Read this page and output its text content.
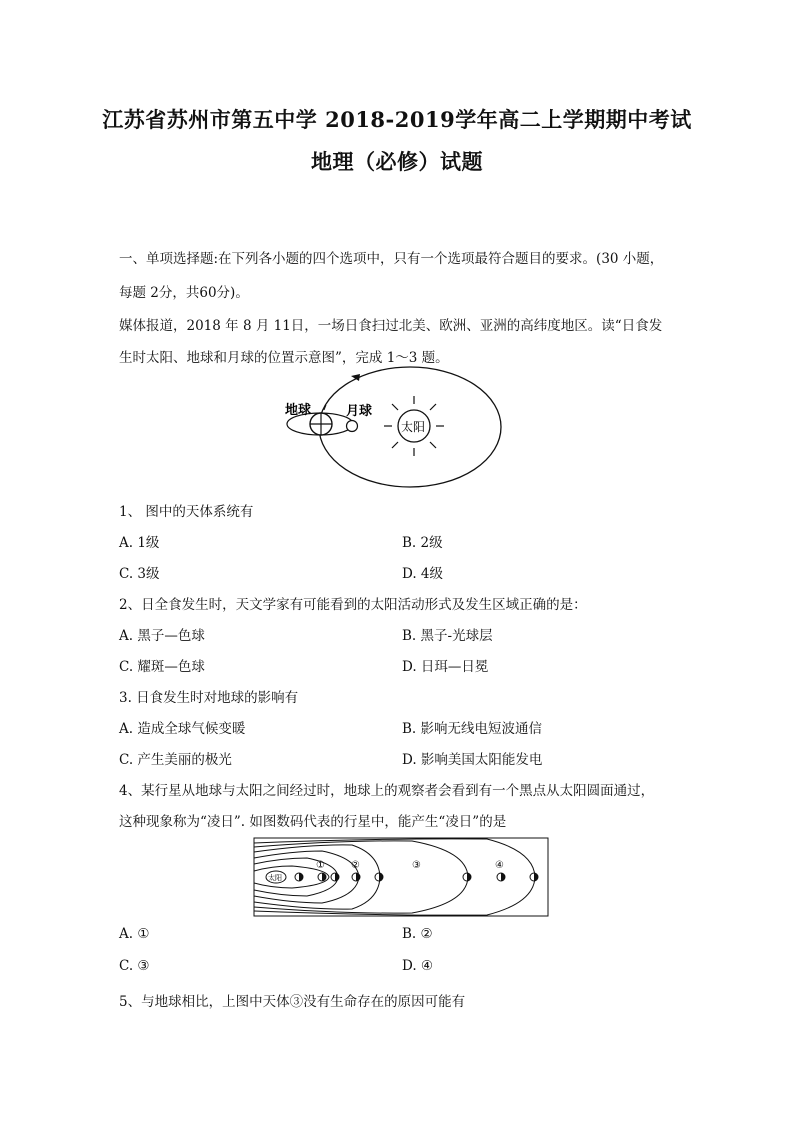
江苏省苏州市第五中学 2018-2019学年高二上学期期中考试
地理（必修）试题
一、单项选择题:在下列各小题的四个选项中，只有一个选项最符合题目的要求。(30 小题，
每题 2分，共60分)。
媒体报道，2018 年 8 月 11日，一场日食扫过北美、欧洲、亚洲的高纬度地区。读“日食发
生时太阳、地球和月球的位置示意图”，完成 1～3 题。
地球	月球
太阳
1、 图中的天体系统有
A. 1级	B. 2级
C. 3级	D. 4级
2、日全食发生时，天文学家有可能看到的太阳活动形式及发生区域正确的是：
A. 黑子—色球	B. 黑子-光球层
C. 耀斑—色球	D. 日珥—日冕
3. 日食发生时对地球的影响有
A. 造成全球气候变暖	B. 影响无线电短波通信
C. 产生美丽的极光	D. 影响美国太阳能发电
4、某行星从地球与太阳之间经过时，地球上的观察者会看到有一个黑点从太阳圆面通过，
这种现象称为“凌日”. 如图数码代表的行星中，能产生“凌日”的是
太阳
①	②	③	④
A. ①	B. ②
C. ③	D. ④
5、与地球相比，上图中天体③没有生命存在的原因可能有
